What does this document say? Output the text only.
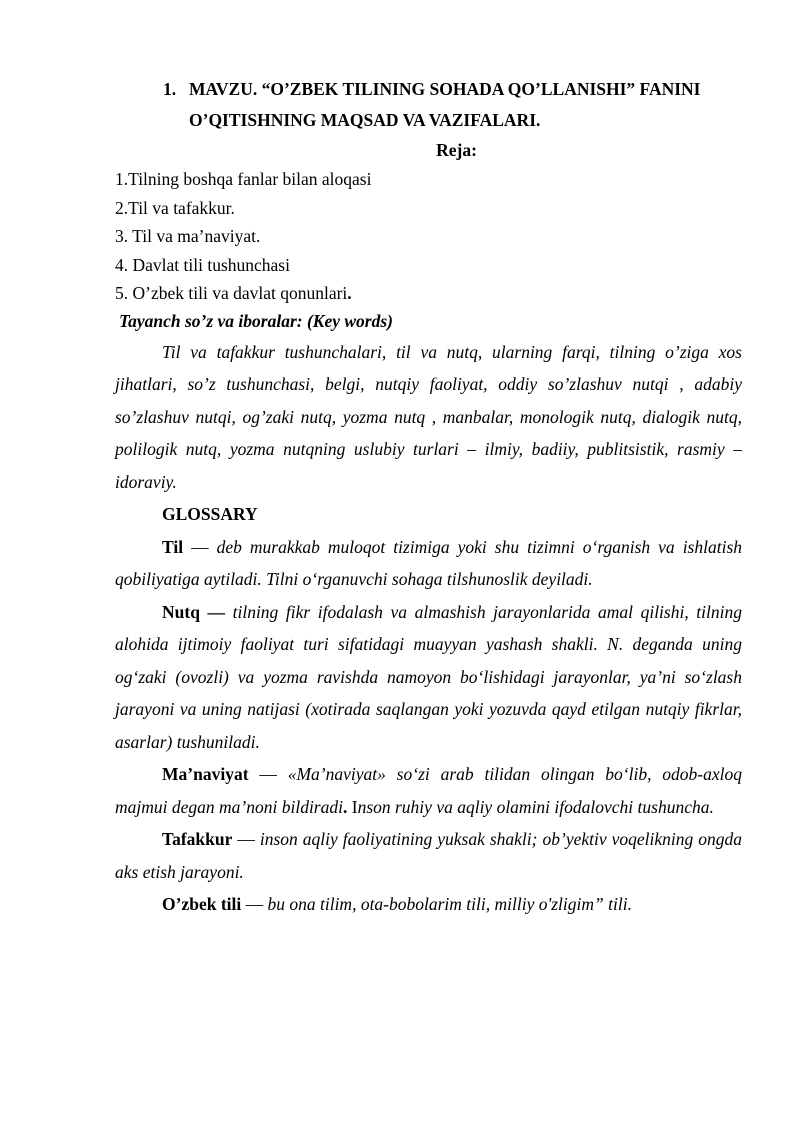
1. MAVZU. “O’ZBEK TILINING SOHADA QO’LLANISHI” FANINI O’QITISHNING MAQSAD VA VAZIFALARI.
Reja:
1.Tilning boshqa fanlar bilan aloqasi
2.Til va tafakkur.
3. Til va ma’naviyat.
4. Davlat tili tushunchasi
5. O’zbek tili va davlat qonunlari.
Tayanch so’z va iboralar: (Key words)

Til va tafakkur tushunchalari, til va nutq, ularning farqi, tilning o’ziga xos jihatlari, so’z tushunchasi, belgi, nutqiy faoliyat, oddiy so’zlashuv nutqi , adabiy so’zlashuv nutqi, og’zaki nutq, yozma nutq , manbalar, monologik nutq, dialogik nutq, polilogik nutq, yozma nutqning uslubiy turlari – ilmiy, badiiy, publitsistik, rasmiy – idoraviy.

GLOSSARY

Til — deb murakkab muloqot tizimiga yoki shu tizimni o‘rganish va ishlatish qobiliyatiga aytiladi. Tilni o‘rganuvchi sohaga tilshunoslik deyiladi.

Nutq — tilning fikr ifodalash va almashish jarayonlarida amal qilishi, tilning alohida ijtimoiy faoliyat turi sifatidagi muayyan yashash shakli. N. deganda uning og‘zaki (ovozli) va yozma ravishda namoyon bo‘lishidagi jarayonlar, ya’ni so‘zlash jarayoni va uning natijasi (xotirada saqlangan yoki yozuvda qayd etilgan nutqiy fikrlar, asarlar) tushuniladi.

Ma’naviyat — «Ma’naviyat» so‘zi arab tilidan olingan bo‘lib, odob-axloq majmui degan ma’noni bildiradi. Inson ruhiy va aqliy olamini ifodalovchi tushuncha.

Tafakkur — inson aqliy faoliyatining yuksak shakli; ob’yektiv voqelikning ongda aks etish jarayoni.

O’zbek tili — bu ona tilim, ota-bobolarim tili, milliy o'zligim” tili.
